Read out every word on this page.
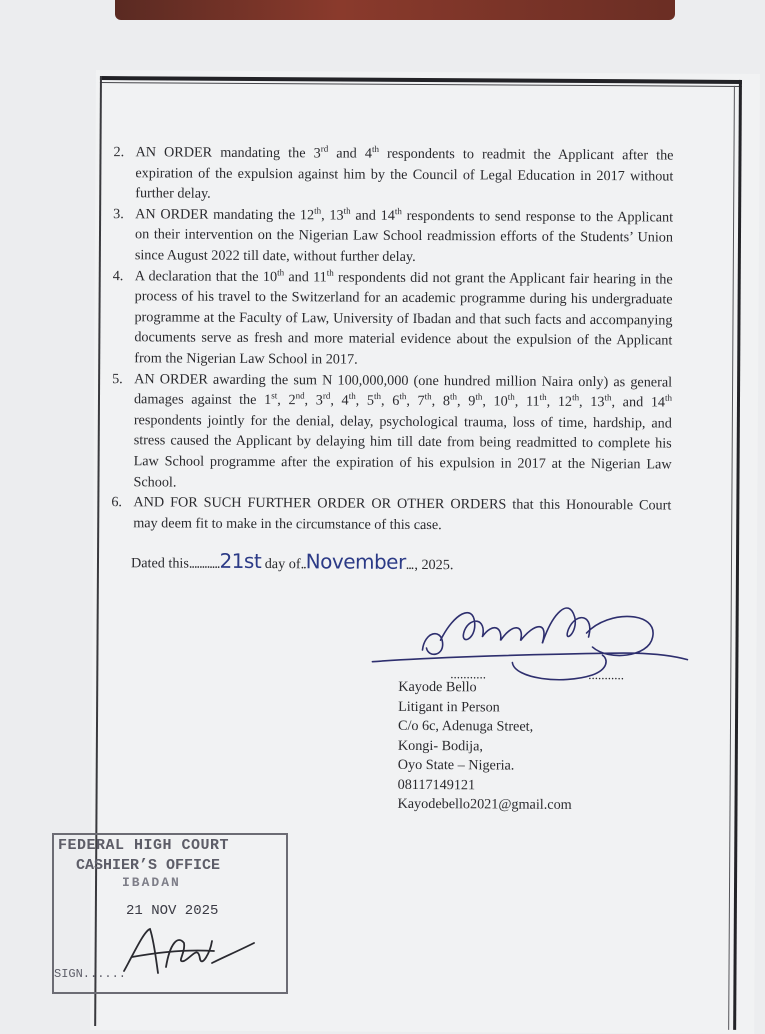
2. AN ORDER mandating the 3rd and 4th respondents to readmit the Applicant after the expiration of the expulsion against him by the Council of Legal Education in 2017 without further delay.
3. AN ORDER mandating the 12th, 13th and 14th respondents to send response to the Applicant on their intervention on the Nigerian Law School readmission efforts of the Students’ Union since August 2022 till date, without further delay.
4. A declaration that the 10th and 11th respondents did not grant the Applicant fair hearing in the process of his travel to the Switzerland for an academic programme during his undergraduate programme at the Faculty of Law, University of Ibadan and that such facts and accompanying documents serve as fresh and more material evidence about the expulsion of the Applicant from the Nigerian Law School in 2017.
5. AN ORDER awarding the sum N 100,000,000 (one hundred million Naira only) as general damages against the 1st, 2nd, 3rd, 4th, 5th, 6th, 7th, 8th, 9th, 10th, 11th, 12th, 13th, and 14th respondents jointly for the denial, delay, psychological trauma, loss of time, hardship, and stress caused the Applicant by delaying him till date from being readmitted to complete his Law School programme after the expiration of his expulsion in 2017 at the Nigerian Law School.
6. AND FOR SUCH FURTHER ORDER OR OTHER ORDERS that this Honourable Court may deem fit to make in the circumstance of this case.
Dated this............21st day of..November..., 2025.
...........	...........
Kayode Bello
Litigant in Person
C/o 6c, Adenuga Street,
Kongi- Bodija,
Oyo State – Nigeria.
08117149121
Kayodebello2021@gmail.com
FEDERAL HIGH COURT
CASHIER’S OFFICE
IBADAN
21 NOV 2025
SIGN......
